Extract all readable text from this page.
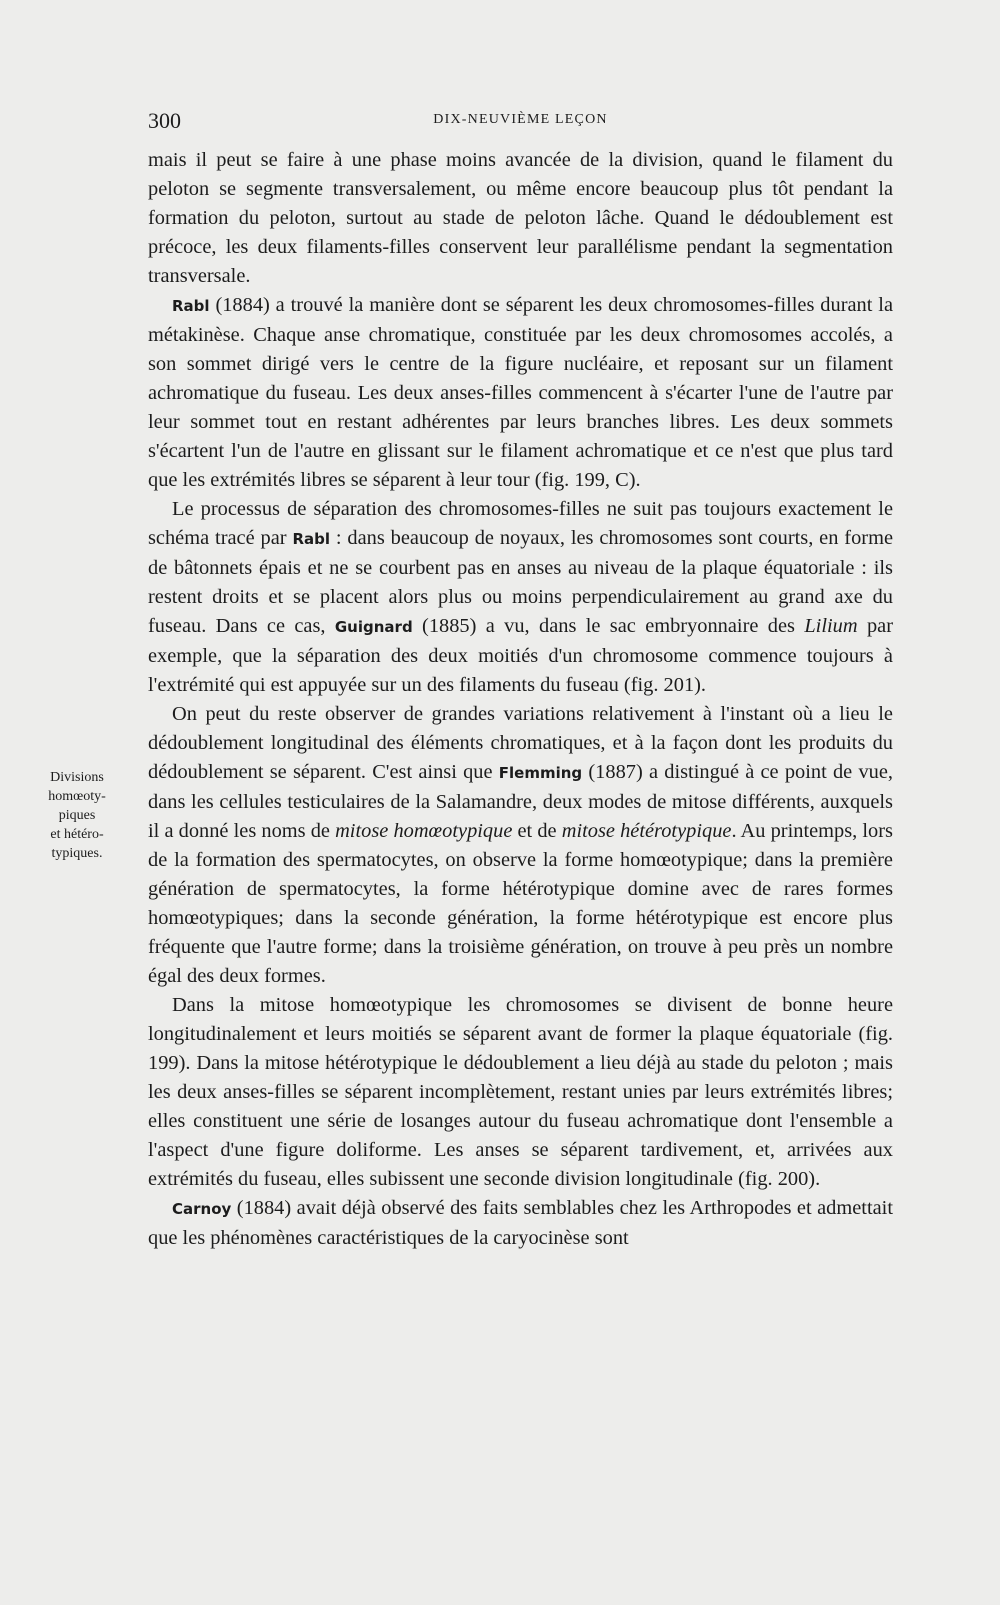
300	DIX-NEUVIÈME LEÇON
Divisions
homœoty-
piques
et hétéro-
typiques.

mais il peut se faire à une phase moins avancée de la division, quand le filament du peloton se segmente transversalement, ou même encore beaucoup plus tôt pendant la formation du peloton, surtout au stade de peloton lâche. Quand le dédoublement est précoce, les deux filaments-filles conservent leur parallélisme pendant la segmentation transversale.

Rabl (1884) a trouvé la manière dont se séparent les deux chromosomes-filles durant la métakinèse. Chaque anse chromatique, constituée par les deux chromosomes accolés, a son sommet dirigé vers le centre de la figure nucléaire, et reposant sur un filament achromatique du fuseau. Les deux anses-filles commencent à s'écarter l'une de l'autre par leur sommet tout en restant adhérentes par leurs branches libres. Les deux sommets s'écartent l'un de l'autre en glissant sur le filament achromatique et ce n'est que plus tard que les extrémités libres se séparent à leur tour (fig. 199, C).

Le processus de séparation des chromosomes-filles ne suit pas toujours exactement le schéma tracé par Rabl : dans beaucoup de noyaux, les chromosomes sont courts, en forme de bâtonnets épais et ne se courbent pas en anses au niveau de la plaque équatoriale : ils restent droits et se placent alors plus ou moins perpendiculairement au grand axe du fuseau. Dans ce cas, Guignard (1885) a vu, dans le sac embryonnaire des Lilium par exemple, que la séparation des deux moitiés d'un chromosome commence toujours à l'extrémité qui est appuyée sur un des filaments du fuseau (fig. 201).

On peut du reste observer de grandes variations relativement à l'instant où a lieu le dédoublement longitudinal des éléments chromatiques, et à la façon dont les produits du dédoublement se séparent. C'est ainsi que Flemming (1887) a distingué à ce point de vue, dans les cellules testiculaires de la Salamandre, deux modes de mitose différents, auxquels il a donné les noms de mitose homœotypique et de mitose hétérotypique. Au printemps, lors de la formation des spermatocytes, on observe la forme homœotypique; dans la première génération de spermatocytes, la forme hétérotypique domine avec de rares formes homœotypiques; dans la seconde génération, la forme hétérotypique est encore plus fréquente que l'autre forme; dans la troisième génération, on trouve à peu près un nombre égal des deux formes.

Dans la mitose homœotypique les chromosomes se divisent de bonne heure longitudinalement et leurs moitiés se séparent avant de former la plaque équatoriale (fig. 199). Dans la mitose hétérotypique le dédoublement a lieu déjà au stade du peloton ; mais les deux anses-filles se séparent incomplètement, restant unies par leurs extrémités libres; elles constituent une série de losanges autour du fuseau achromatique dont l'ensemble a l'aspect d'une figure doliforme. Les anses se séparent tardivement, et, arrivées aux extrémités du fuseau, elles subissent une seconde division longitudinale (fig. 200).

Carnoy (1884) avait déjà observé des faits semblables chez les Arthropodes et admettait que les phénomènes caractéristiques de la caryocinèse sont
